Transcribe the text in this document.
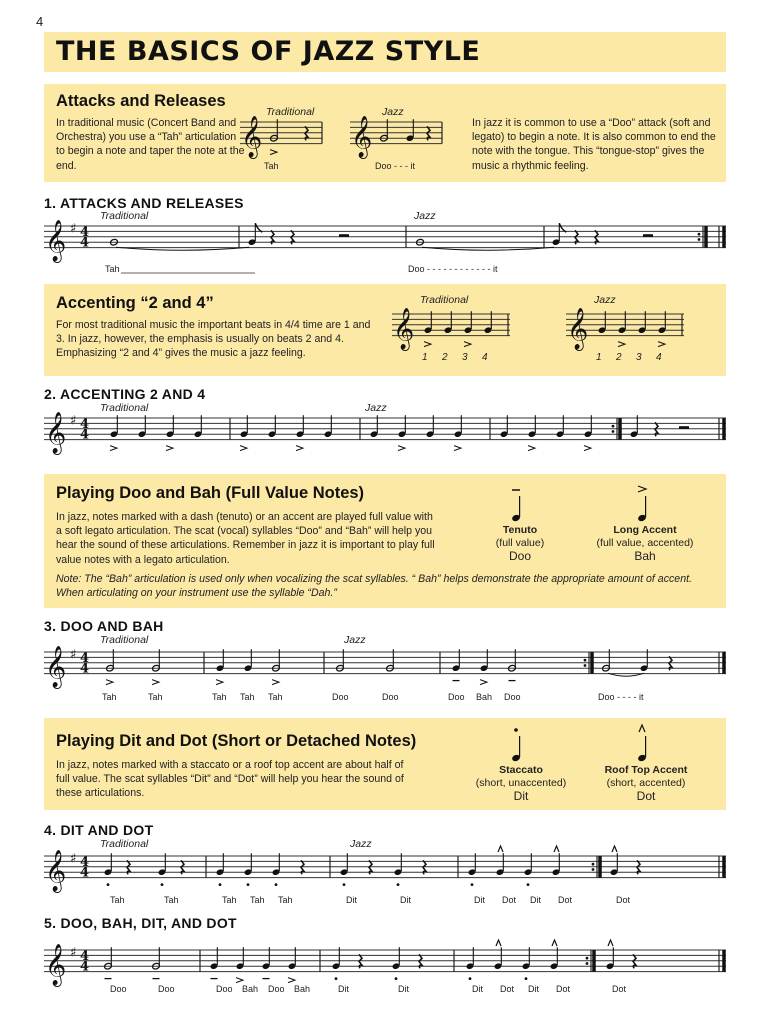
4
THE BASICS OF JAZZ STYLE
Attacks and Releases

In traditional music (Concert Band and Orchestra) you use a “Tah” articulation to begin a note and taper the note at the end.

Traditional	Jazz
Tah	Doo - - - it

In jazz it is common to use a “Doo” attack (soft and legato) to begin a note. It is also common to end the note with the tongue. This “tongue-stop” gives the music a rhythmic feeling.

𝄞 𝄞
1. ATTACKS AND RELEASES
Traditional	Jazz
𝄞 ♯ 4
4
Tah	Doo - - - - - - - - - - - - it
Accenting “2 and 4”

For most traditional music the important beats in 4/4 time are 1 and 3. In jazz, however, the emphasis is usually on beats 2 and 4. Emphasizing “2 and 4” gives the music a jazz feeling.

Traditional	Jazz
𝄞	𝄞
2. ACCENTING 2 AND 4
Traditional	Jazz
𝄞 ♯ 4
4
Playing Doo and Bah (Full Value Notes)

In jazz, notes marked with a dash (tenuto) or an accent are played full value with a soft legato articulation. The scat (vocal) syllables “Doo” and “Bah” will help you hear the sound of these articulations. Remember in jazz it is important to play full value notes with a legato articulation.

Note: The “Bah” articulation is used only when vocalizing the scat syllables. “ Bah” helps demonstrate the appropriate amount of accent. When articulating on your instrument use the syllable “Dah.”

Tenuto
(full value)
Doo
Long Accent
(full value, accented)
Bah
3. DOO AND BAH
Traditional	Jazz
𝄞 ♯ 4
4
Playing Dit and Dot (Short or Detached Notes)

In jazz, notes marked with a staccato or a roof top accent are about half of full value. The scat syllables “Dit” and “Dot” will help you hear the sound of these articulations.

Staccato
(short, unaccented)
Dit
Roof Top Accent
(short, accented)
Dot
4. DIT AND DOT
Traditional	Jazz
𝄞 ♯ 4
4
5. DOO, BAH, DIT, AND DOT
𝄞 ♯ 4
4
1 2 3 4	1 2 3 4
Tah	Tah	Tah Tah Tah	Doo	Doo	Doo Bah Doo	Doo - - - - it
Tah	Tah	Tah Tah Tah	Dit	Dit	Dit Dot Dit Dot	Dot
Doo	Doo	Doo Bah Doo Bah	Dit	Dit	Dit Dot Dit Dot	Dot
